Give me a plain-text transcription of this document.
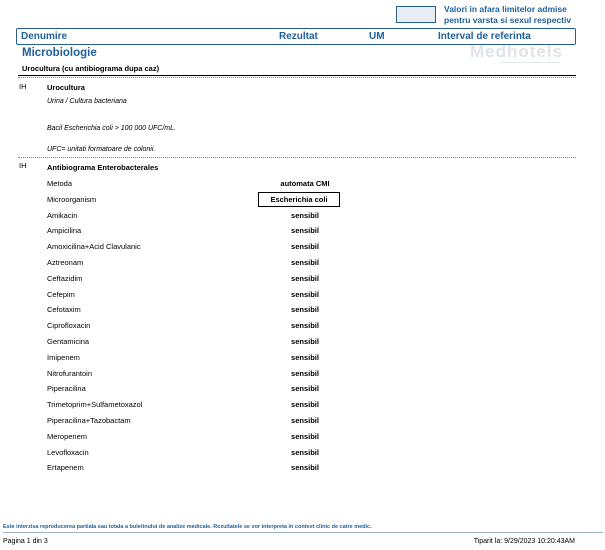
Valori in afara limitelor admise
pentru varsta si sexul respectiv
Denumire	Rezultat	UM	Interval de referinta
Medhotels
Microbiologie
Urocultura (cu antibiograma dupa caz)
IH	Urocultura
Urina / Cultura bacteriana
Bacil Escherichia coli > 100 000 UFC/mL.
UFC= unitati formatoare de colonii.
IH	Antibiograma Enterobacterales
Metoda	automata CMI
Microorganism	Escherichia coli
Amikacin	sensibil
Ampicilina	sensibil
Amoxicilina+Acid Clavulanic	sensibil
Aztreonam	sensibil
Ceftazidim	sensibil
Cefepim	sensibil
Cefotaxim	sensibil
Ciprofloxacin	sensibil
Gentamicina	sensibil
Imipenem	sensibil
Nitrofurantoin	sensibil
Piperacilina	sensibil
Trimetoprim+Sulfametoxazol	sensibil
Piperacilina+Tazobactam	sensibil
Meropenem	sensibil
Levofloxacin	sensibil
Ertapenem	sensibil
Este interzisa reproducerea partiala sau totala a buletinului de analize medicale. Rezultatele se vor interpreta in context clinic de catre medic.
Pagina 1 din 3	Tiparit la: 9/29/2023 10:20:43AM
